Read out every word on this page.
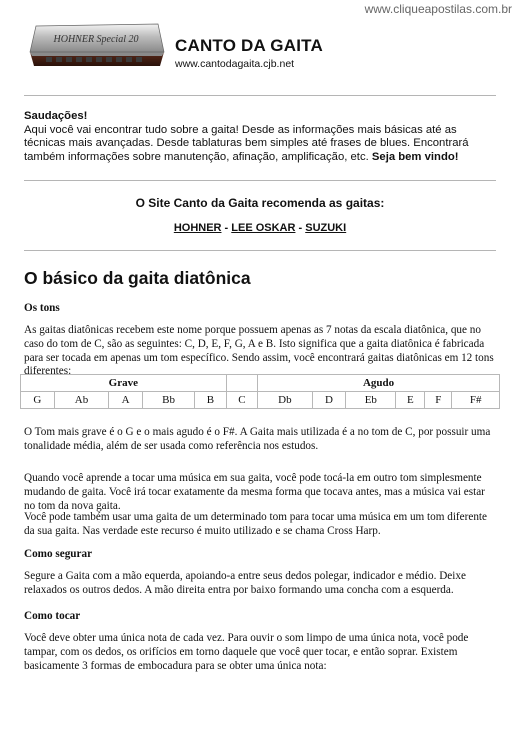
www.cliqueapostilas.com.br
HOHNER Special 20 CANTO DA GAITA
www.cantodagaita.cjb.net
Saudações!
Aqui você vai encontrar tudo sobre a gaita! Desde as informações mais básicas até as técnicas mais avançadas. Desde tablaturas bem simples até frases de blues. Encontrará também informações sobre manutenção, afinação, amplificação, etc. Seja bem vindo!
O Site Canto da Gaita recomenda as gaitas:
HOHNER - LEE OSKAR - SUZUKI
O básico da gaita diatônica
Os tons

As gaitas diatônicas recebem este nome porque possuem apenas as 7 notas da escala diatônica, que no caso do tom de C, são as seguintes: C, D, E, F, G, A e B. Isto significa que a gaita diatônica é fabricada para ser tocada em apenas um tom específico. Sendo assim, você encontrará gaitas diatônicas em 12 tons diferentes:

Grave						Agudo					
G	Ab	A	Bb	B	C	Db	D	Eb	E	F	F#

O Tom mais grave é o G e o mais agudo é o F#. A Gaita mais utilizada é a no tom de C, por possuir uma tonalidade média, além de ser usada como referência nos estudos.

Quando você aprende a tocar uma música em sua gaita, você pode tocá-la em outro tom simplesmente mudando de gaita. Você irá tocar exatamente da mesma forma que tocava antes, mas a música vai estar no tom da nova gaita.

Você pode também usar uma gaita de um determinado tom para tocar uma música em um tom diferente da sua gaita. Nas verdade este recurso é muito utilizado e se chama Cross Harp.

Como segurar

Segure a Gaita com a mão equerda, apoiando-a entre seus dedos polegar, indicador e médio. Deixe relaxados os outros dedos. A mão direita entra por baixo formando uma concha com a esquerda.

Como tocar

Você deve obter uma única nota de cada vez. Para ouvir o som limpo de uma única nota, você pode tampar, com os dedos, os orifícios em torno daquele que você quer tocar, e então soprar. Existem basicamente 3 formas de embocadura para se obter uma única nota:
